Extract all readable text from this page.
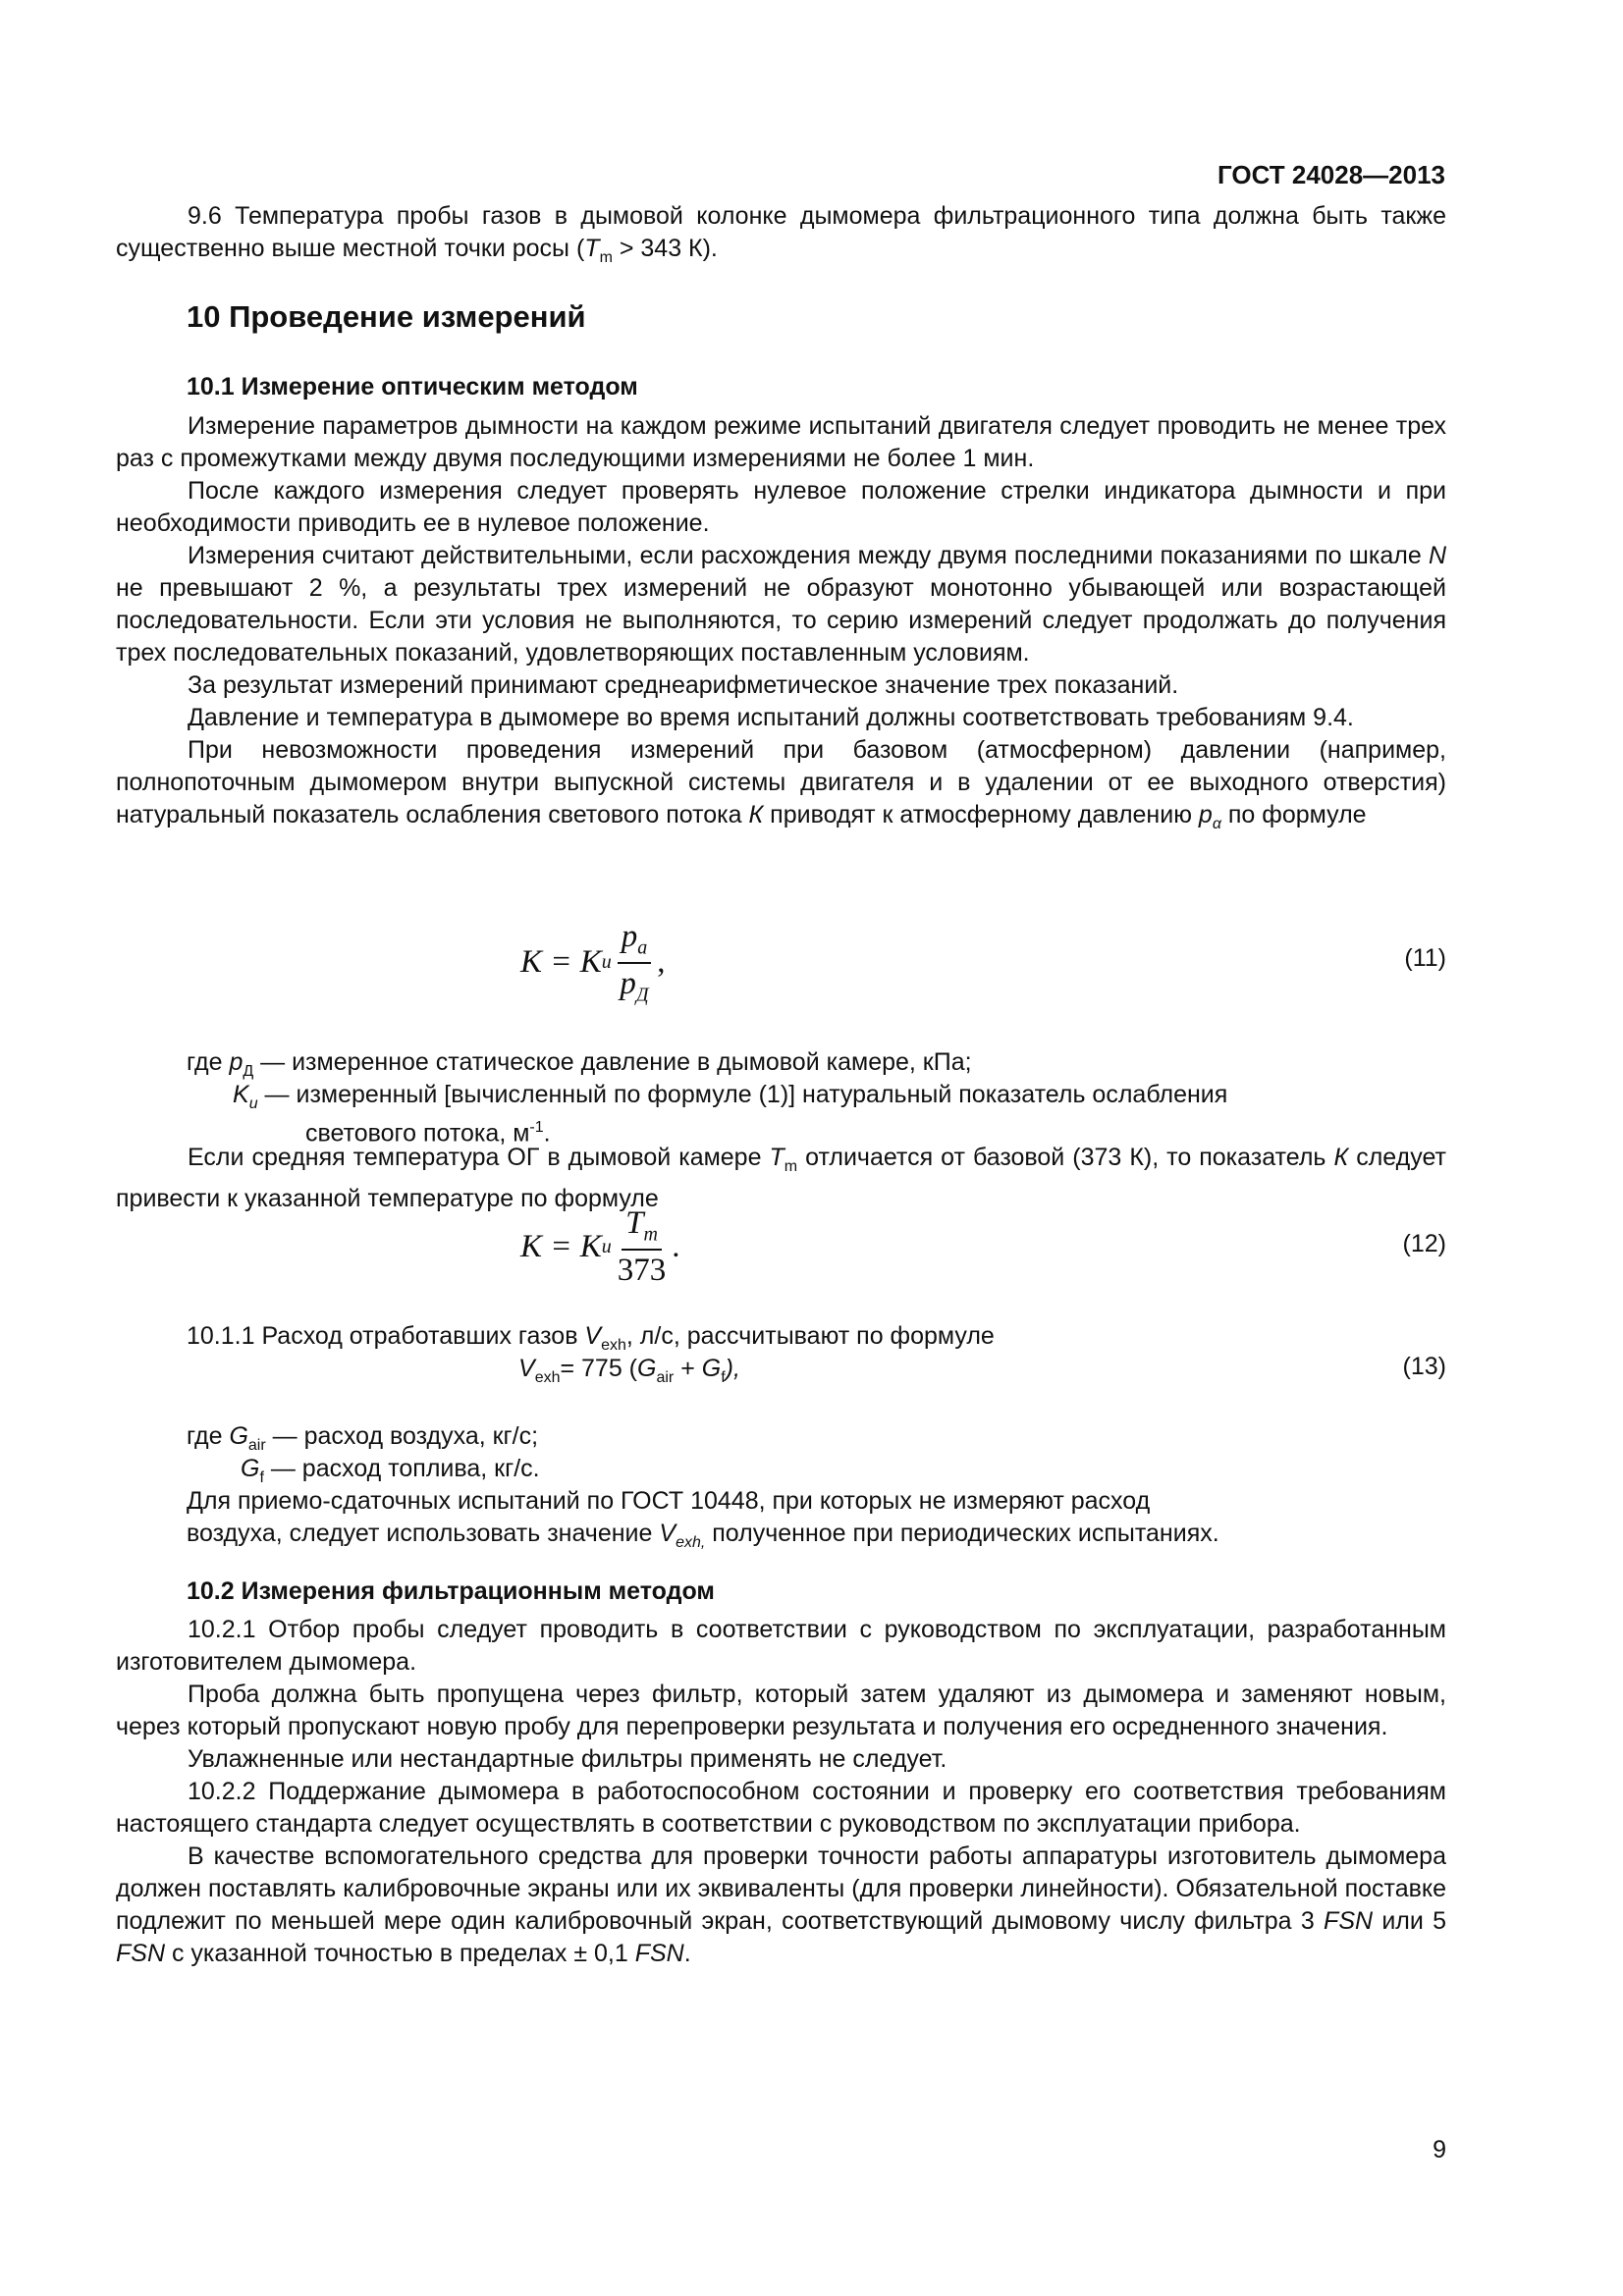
ГОСТ 24028—2013

9.6 Температура пробы газов в дымовой колонке дымомера фильтрационного типа должна быть также существенно выше местной точки росы ($T_m > 343$ К).

10 Проведение измерений
10.1 Измерение оптическим методом

Измерение параметров дымности на каждом режиме испытаний двигателя следует проводить не менее трех раз с промежутками между двумя последующими измерениями не более 1 мин.

После каждого измерения следует проверять нулевое положение стрелки индикатора дымности и при необходимости приводить ее в нулевое положение.

Измерения считают действительными, если расхождения между двумя последними показаниями по шкале N не превышают 2 %, а результаты трех измерений не образуют монотонно убывающей или возрастающей последовательности. Если эти условия не выполняются, то серию измерений следует продолжать до получения трех последовательных показаний, удовлетворяющих поставленным условиям.

За результат измерений принимают среднеарифметическое значение трех показаний.

Давление и температура в дымомере во время испытаний должны соответствовать требованиям 9.4.

При невозможности проведения измерений при базовом (атмосферном) давлении (например, полнопоточным дымомером внутри выпускной системы двигателя и в удалении от ее выходного отверстия) натуральный показатель ослабления светового потока К приводят к атмосферному давлению $p_\alpha$ по формуле

K = K и $\frac{p_a}{p_Д}$ ,	(11)
где $p_Д$ — измеренное статическое давление в дымовой камере, кПа;
$K_u$ — измеренный [вычисленный по формуле (1)] натуральный показатель ослабления
светового потока, $м^{-1}$.

Если средняя температура ОГ в дымовой камере $T_m$ отличается от базовой (373 К), то показатель К следует привести к указанной температуре по формуле

K = K и $\frac{T_m}{373}$ .	(12)
10.1.1 Расход отработавших газов $V_{exh}$, л/с, рассчитывают по формуле
$V_{exh}= 775$ $(G_{air} + G_f)$,	(13)
где $G_{air}$ — расход воздуха, кг/с;
$G_f$ — расход топлива, кг/с.
Для приемо-сдаточных испытаний по ГОСТ 10448, при которых не измеряют расход
воздуха, следует использовать значение $V_{exh,}$ полученное при периодических испытаниях.
10.2 Измерения фильтрационным методом

10.2.1 Отбор пробы следует проводить в соответствии с руководством по эксплуатации, разработанным изготовителем дымомера.

Проба должна быть пропущена через фильтр, который затем удаляют из дымомера и заменяют новым, через который пропускают новую пробу для перепроверки результата и получения его осредненного значения.

Увлажненные или нестандартные фильтры применять не следует.

10.2.2 Поддержание дымомера в работоспособном состоянии и проверку его соответствия требованиям настоящего стандарта следует осуществлять в соответствии с руководством по эксплуатации прибора.

В качестве вспомогательного средства для проверки точности работы аппаратуры изготовитель дымомера должен поставлять калибровочные экраны или их эквиваленты (для проверки линейности). Обязательной поставке подлежит по меньшей мере один калибровочный экран, соответствующий дымовому числу фильтра 3 FSN или 5 FSN с указанной точностью в пределах ± 0,1 FSN.

9
